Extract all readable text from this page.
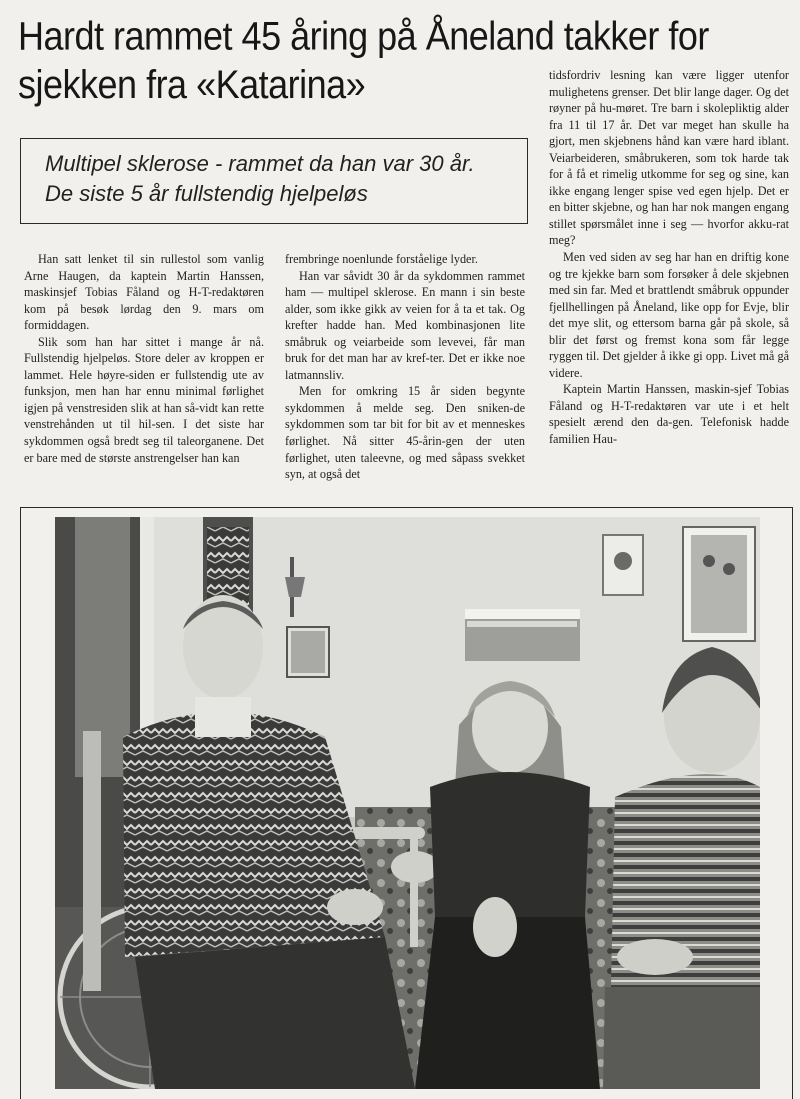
Hardt rammet 45 åring på Åneland takker for
sjekken fra «Katarina»
Multipel sklerose - rammet da han var 30 år.
De siste 5 år fullstendig hjelpeløs

Han satt lenket til sin rullestol som vanlig Arne Haugen, da kaptein Martin Hanssen, maskinsjef Tobias Fåland og H-T-redaktøren kom på besøk lørdag den 9. mars om formiddagen.

Slik som han har sittet i mange år nå. Fullstendig hjelpeløs. Store deler av kroppen er lammet. Hele høyre-siden er fullstendig ute av funksjon, men han har ennu minimal førlighet igjen på venstresiden slik at han så-vidt kan rette venstrehånden ut til hil-sen. I det siste har sykdommen også bredt seg til taleorganene. Det er bare med de største anstrengelser han kan

frembringe noenlunde forståelige lyder.

Han var såvidt 30 år da sykdommen rammet ham — multipel sklerose. En mann i sin beste alder, som ikke gikk av veien for å ta et tak. Og krefter hadde han. Med kombinasjonen lite småbruk og veiarbeide som levevei, får man bruk for det man har av kref-ter. Det er ikke noe latmannsliv.

Men for omkring 15 år siden begynte sykdommen å melde seg. Den sniken-de sykdommen som tar bit for bit av et menneskes førlighet. Nå sitter 45-årin-gen der uten førlighet, uten taleevne, og med såpass svekket syn, at også det

tidsfordriv lesning kan være ligger utenfor mulighetens grenser. Det blir lange dager. Og det røyner på hu-møret. Tre barn i skolepliktig alder fra 11 til 17 år. Det var meget han skulle ha gjort, men skjebnens hånd kan være hard iblant. Veiarbeideren, småbrukeren, som tok harde tak for å få et rimelig utkomme for seg og sine, kan ikke engang lenger spise ved egen hjelp. Det er en bitter skjebne, og han har nok mangen engang stillet spørsmålet inne i seg — hvorfor akku-rat meg?

Men ved siden av seg har han en driftig kone og tre kjekke barn som forsøker å dele skjebnen med sin far. Med et brattlendt småbruk oppunder fjellhellingen på Åneland, like opp for Evje, blir det mye slit, og ettersom barna går på skole, så blir det først og fremst kona som får legge ryggen til. Det gjelder å ikke gi opp. Livet må gå videre.

Kaptein Martin Hanssen, maskin-sjef Tobias Fåland og H-T-redaktøren var ute i et helt spesielt ærend den da-gen. Telefonisk hadde familien Hau-
